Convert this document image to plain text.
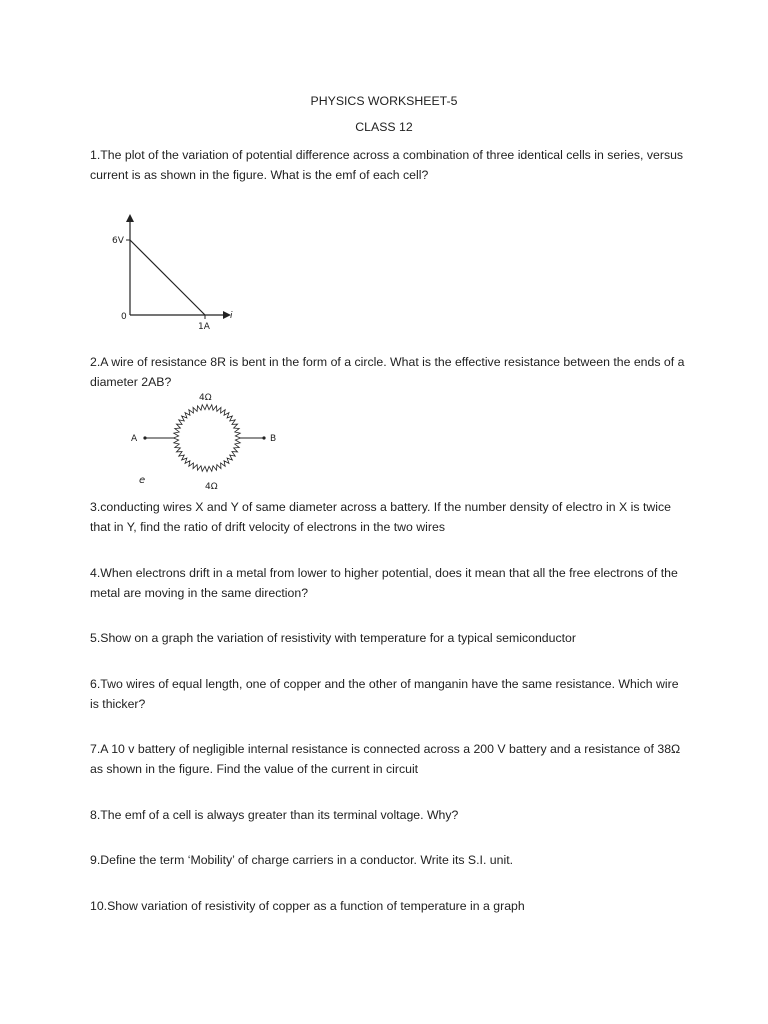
PHYSICS WORKSHEET-5
CLASS 12

1.The plot of the variation of potential difference across a combination of three identical cells in series, versus current is as shown in the figure. What is the emf of each cell?

6V
0
1A
i

2.A wire of resistance 8R is bent in the form of a circle. What is the effective resistance between the ends of a diameter 2AB?

A	B
4Ω
4Ω
e

3.conducting wires X and Y of same diameter across a battery. If the number density of electro in X is twice that in Y, find the ratio of drift velocity of electrons in the two wires

4.When electrons drift in a metal from lower to higher potential, does it mean that all the free electrons of the metal are moving in the same direction?

5.Show on a graph the variation of resistivity with temperature for a typical semiconductor

6.Two wires of equal length, one of copper and the other of manganin have the same resistance. Which wire is thicker?

7.A 10 v battery of negligible internal resistance is connected across a 200 V battery and a resistance of 38Ω as shown in the figure. Find the value of the current in circuit

8.The emf of a cell is always greater than its terminal voltage. Why?

9.Define the term ‘Mobility’ of charge carriers in a conductor. Write its S.I. unit.

10.Show variation of resistivity of copper as a function of temperature in a graph
